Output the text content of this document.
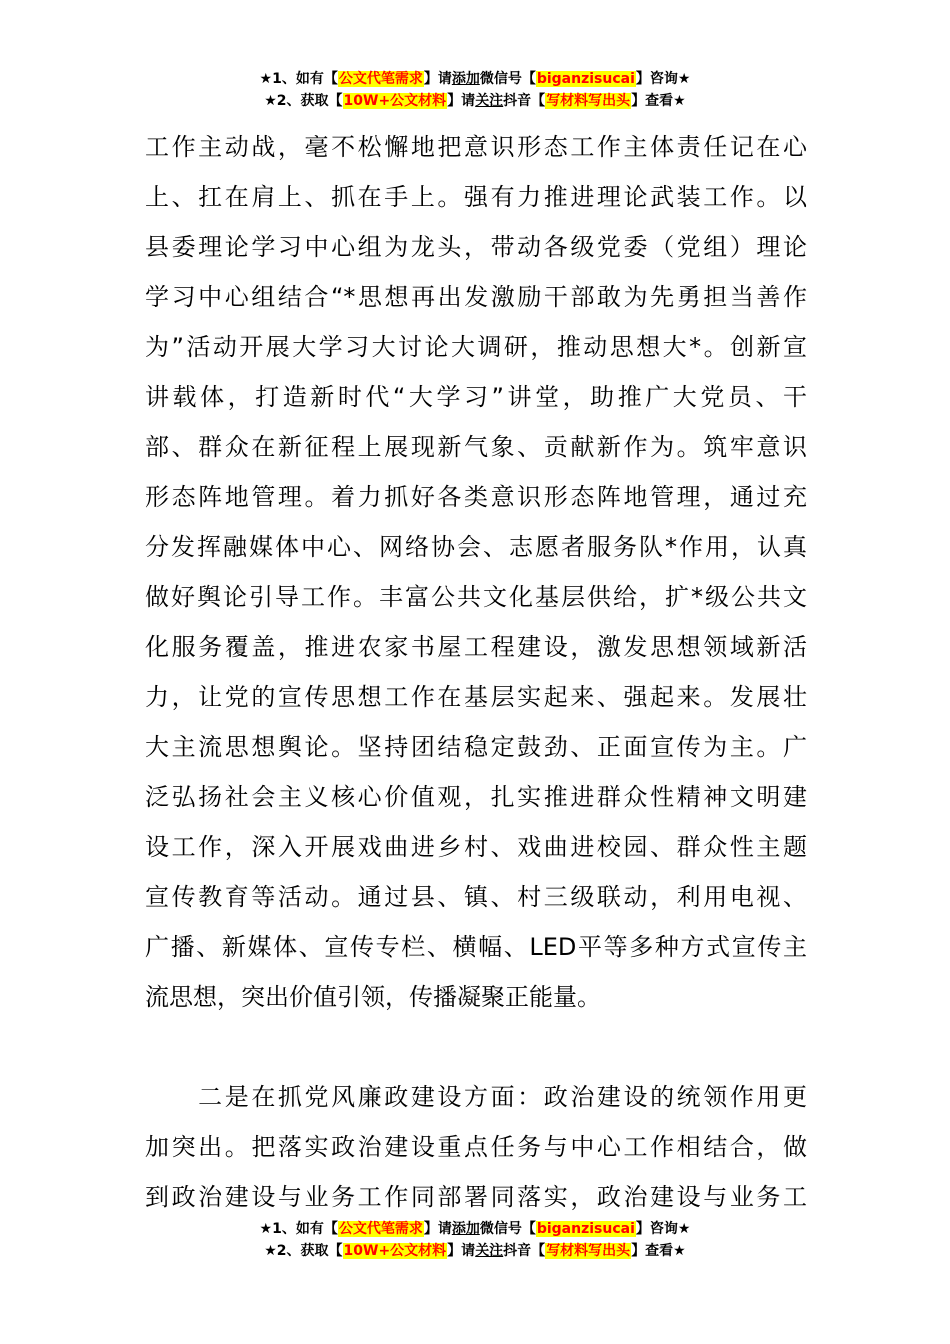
★1、如有【公文代笔需求】请添加微信号【biganzisucai】咨询★
★2、获取【10W+公文材料】请关注抖音【写材料写出头】查看★
工作主动战，毫不松懈地把意识形态工作主体责任记在心
上、扛在肩上、抓在手上。强有力推进理论武装工作。以
县委理论学习中心组为龙头，带动各级党委（党组）理论
学习中心组结合“*思想再出发激励干部敢为先勇担当善作
为”活动开展大学习大讨论大调研，推动思想大*。创新宣
讲载体，打造新时代“大学习”讲堂，助推广大党员、干
部、群众在新征程上展现新气象、贡献新作为。筑牢意识
形态阵地管理。着力抓好各类意识形态阵地管理，通过充
分发挥融媒体中心、网络协会、志愿者服务队*作用，认真
做好舆论引导工作。丰富公共文化基层供给，扩*级公共文
化服务覆盖，推进农家书屋工程建设，激发思想领域新活
力，让党的宣传思想工作在基层实起来、强起来。发展壮
大主流思想舆论。坚持团结稳定鼓劲、正面宣传为主。广
泛弘扬社会主义核心价值观，扎实推进群众性精神文明建
设工作，深入开展戏曲进乡村、戏曲进校园、群众性主题
宣传教育等活动。通过县、镇、村三级联动，利用电视、
广播、新媒体、宣传专栏、横幅、LED平等多种方式宣传主
流思想，突出价值引领，传播凝聚正能量。
　　二是在抓党风廉政建设方面：政治建设的统领作用更
加突出。把落实政治建设重点任务与中心工作相结合，做
到政治建设与业务工作同部署同落实，政治建设与业务工
★1、如有【公文代笔需求】请添加微信号【biganzisucai】咨询★
★2、获取【10W+公文材料】请关注抖音【写材料写出头】查看★
